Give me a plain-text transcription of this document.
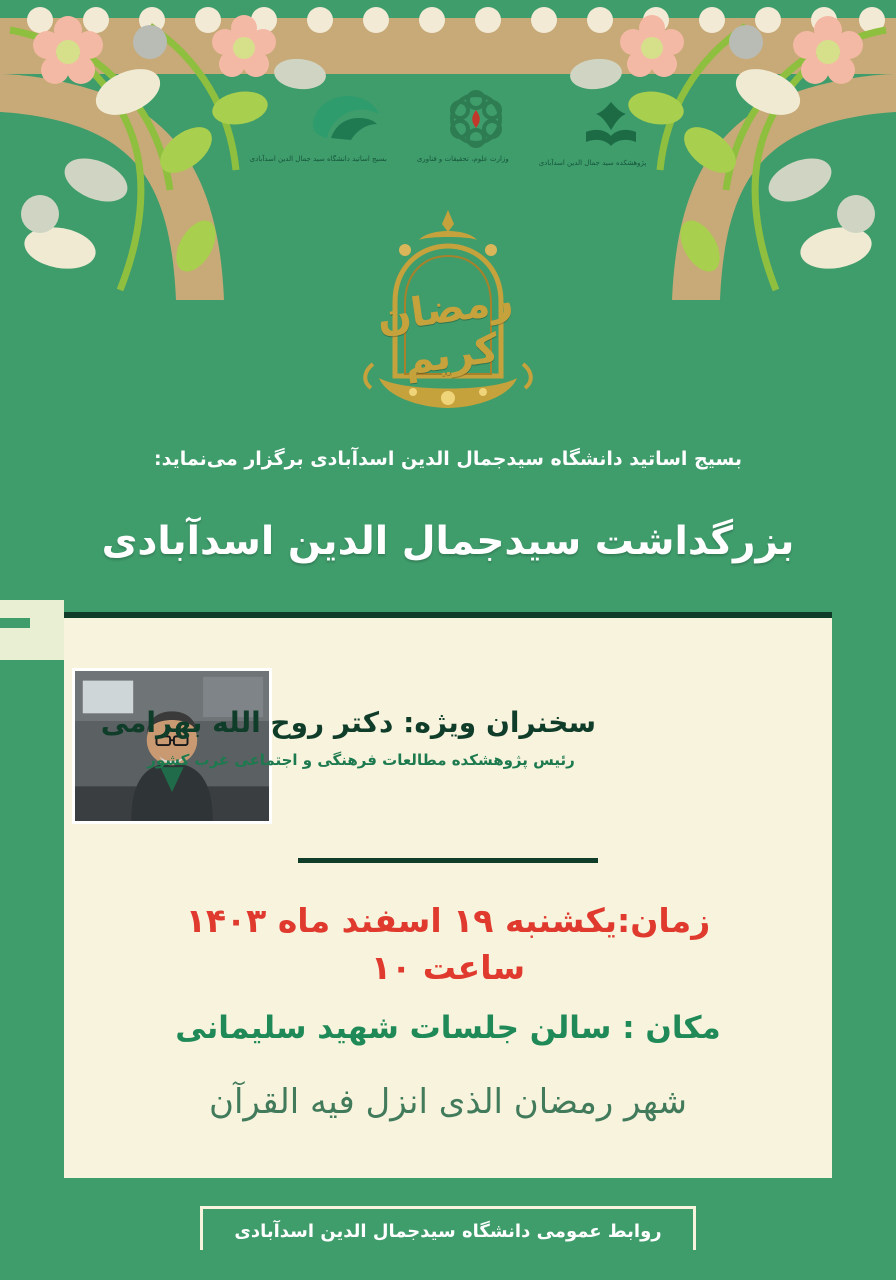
پژوهشکده سید جمال الدین اسدآبادی
وزارت علوم، تحقیقات و فناوری
بسیج اساتید دانشگاه سید جمال الدین اسدآبادی
رمضان کریم
بسیج اساتید دانشگاه سیدجمال الدین اسدآبادی برگزار می‌نماید:
بزرگداشت سیدجمال الدین اسدآبادی
سخنران ویژه: دکتر روح الله بهرامی
رئیس پژوهشکده مطالعات فرهنگی و اجتماعی غرب کشور
زمان:یکشنبه ۱۹ اسفند ماه ۱۴۰۳
ساعت ۱۰
مکان : سالن جلسات شهید سلیمانی
شهر رمضان الذی انزل فیه القرآن
روابط عمومی دانشگاه سیدجمال الدین اسدآبادی
